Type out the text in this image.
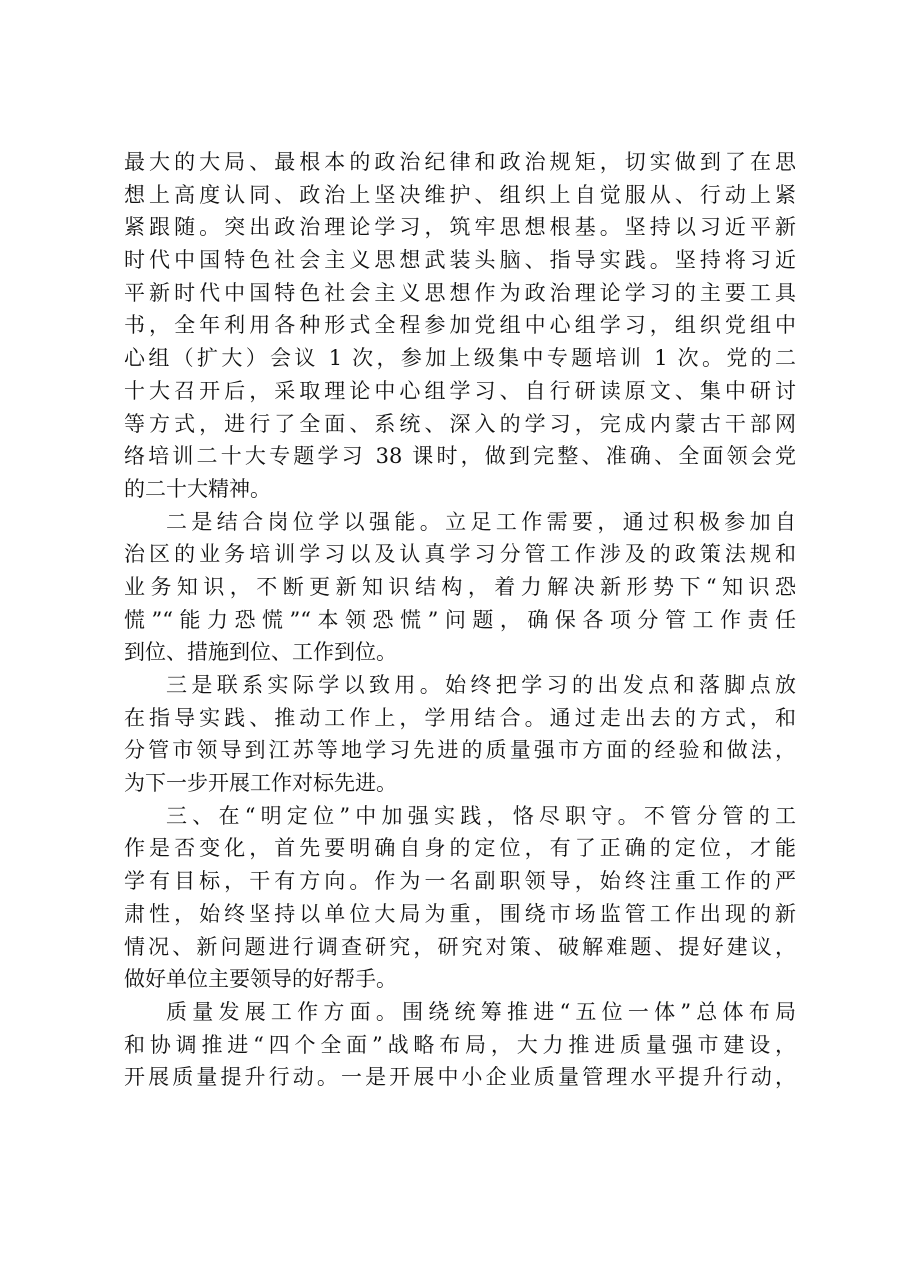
最大的大局、最根本的政治纪律和政治规矩，切实做到了在思
想上高度认同、政治上坚决维护、组织上自觉服从、行动上紧
紧跟随。突出政治理论学习，筑牢思想根基。坚持以习近平新
时代中国特色社会主义思想武装头脑、指导实践。坚持将习近
平新时代中国特色社会主义思想作为政治理论学习的主要工具
书，全年利用各种形式全程参加党组中心组学习，组织党组中
心组（扩大）会议 1 次，参加上级集中专题培训 1 次。党的二
十大召开后，采取理论中心组学习、自行研读原文、集中研讨
等方式，进行了全面、系统、深入的学习，完成内蒙古干部网
络培训二十大专题学习 38 课时，做到完整、准确、全面领会党
的二十大精神。
二是结合岗位学以强能。立足工作需要，通过积极参加自
治区的业务培训学习以及认真学习分管工作涉及的政策法规和
业务知识，不断更新知识结构，着力解决新形势下“知识恐
慌”“能力恐慌”“本领恐慌”问题，确保各项分管工作责任
到位、措施到位、工作到位。
三是联系实际学以致用。始终把学习的出发点和落脚点放
在指导实践、推动工作上，学用结合。通过走出去的方式，和
分管市领导到江苏等地学习先进的质量强市方面的经验和做法，
为下一步开展工作对标先进。
三、在“明定位”中加强实践，恪尽职守。不管分管的工
作是否变化，首先要明确自身的定位，有了正确的定位，才能
学有目标，干有方向。作为一名副职领导，始终注重工作的严
肃性，始终坚持以单位大局为重，围绕市场监管工作出现的新
情况、新问题进行调查研究，研究对策、破解难题、提好建议，
做好单位主要领导的好帮手。
质量发展工作方面。围绕统筹推进“五位一体”总体布局
和协调推进“四个全面”战略布局，大力推进质量强市建设，
开展质量提升行动。一是开展中小企业质量管理水平提升行动，
